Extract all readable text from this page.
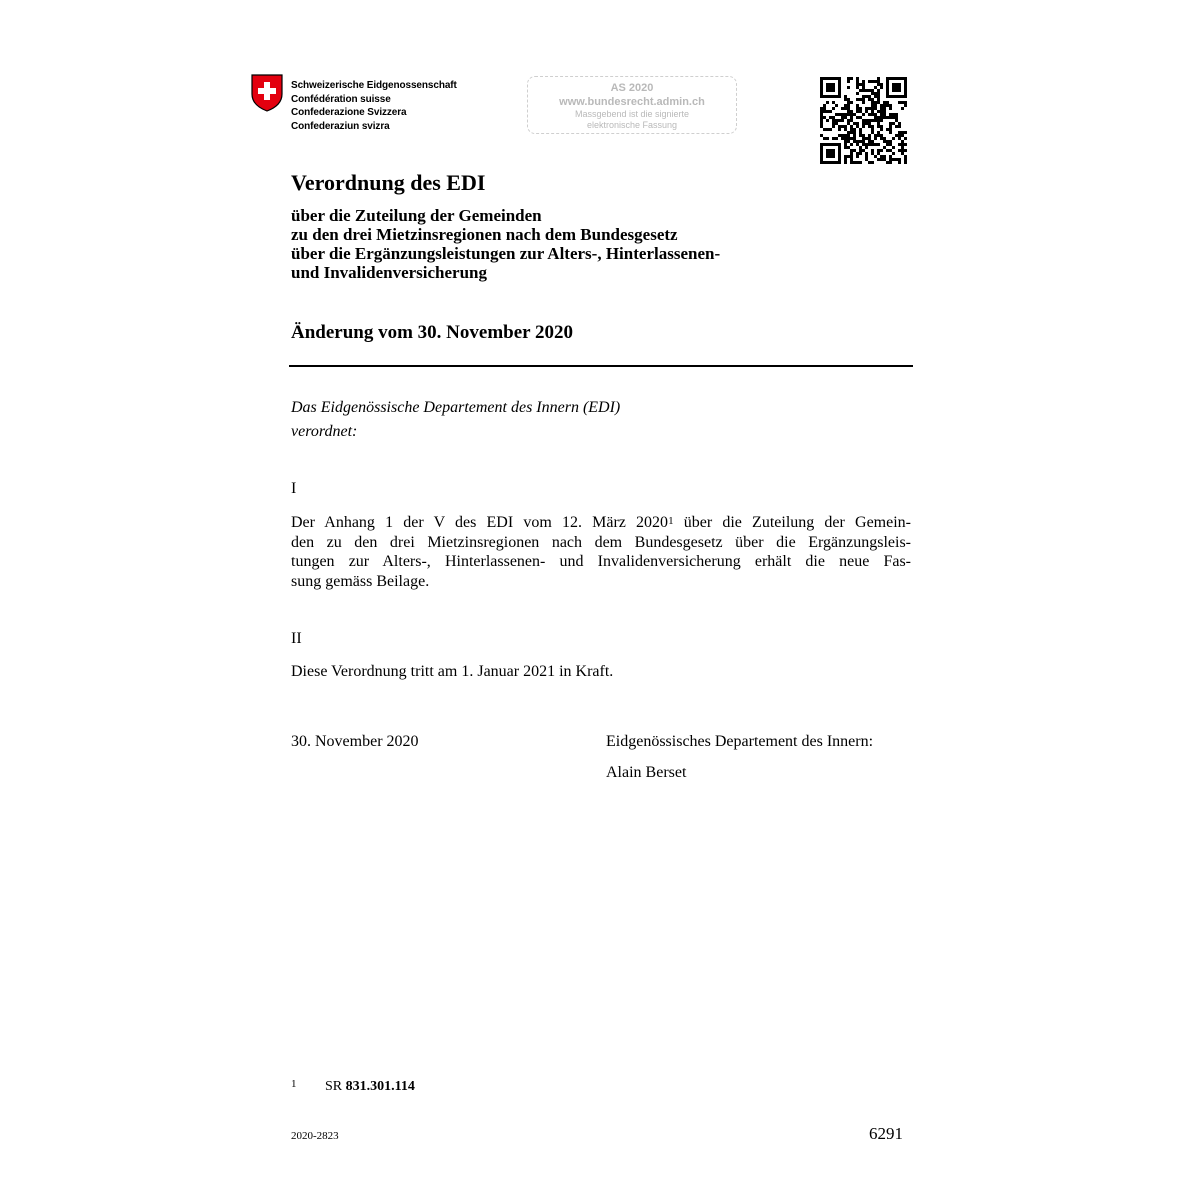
Schweizerische Eidgenossenschaft
Confédération suisse
Confederazione Svizzera
Confederaziun svizra
AS 2020
www.bundesrecht.admin.ch
Massgebend ist die signierte
elektronische Fassung
Verordnung des EDI
über die Zuteilung der Gemeinden
zu den drei Mietzinsregionen nach dem Bundesgesetz
über die Ergänzungsleistungen zur Alters-, Hinterlassenen-
und Invalidenversicherung
Änderung vom 30. November 2020
Das Eidgenössische Departement des Innern (EDI)
verordnet:
I
Der Anhang 1 der V des EDI vom 12. März 2020$^1$ über die Zuteilung der Gemein-
den zu den drei Mietzinsregionen nach dem Bundesgesetz über die Ergänzungsleis-
tungen zur Alters-, Hinterlassenen- und Invalidenversicherung erhält die neue Fas-
sung gemäss Beilage.
II
Diese Verordnung tritt am 1. Januar 2021 in Kraft.
30. November 2020	Eidgenössisches Departement des Innern:
Alain Berset
1 SR 831.301.114
2020-2823	6291
